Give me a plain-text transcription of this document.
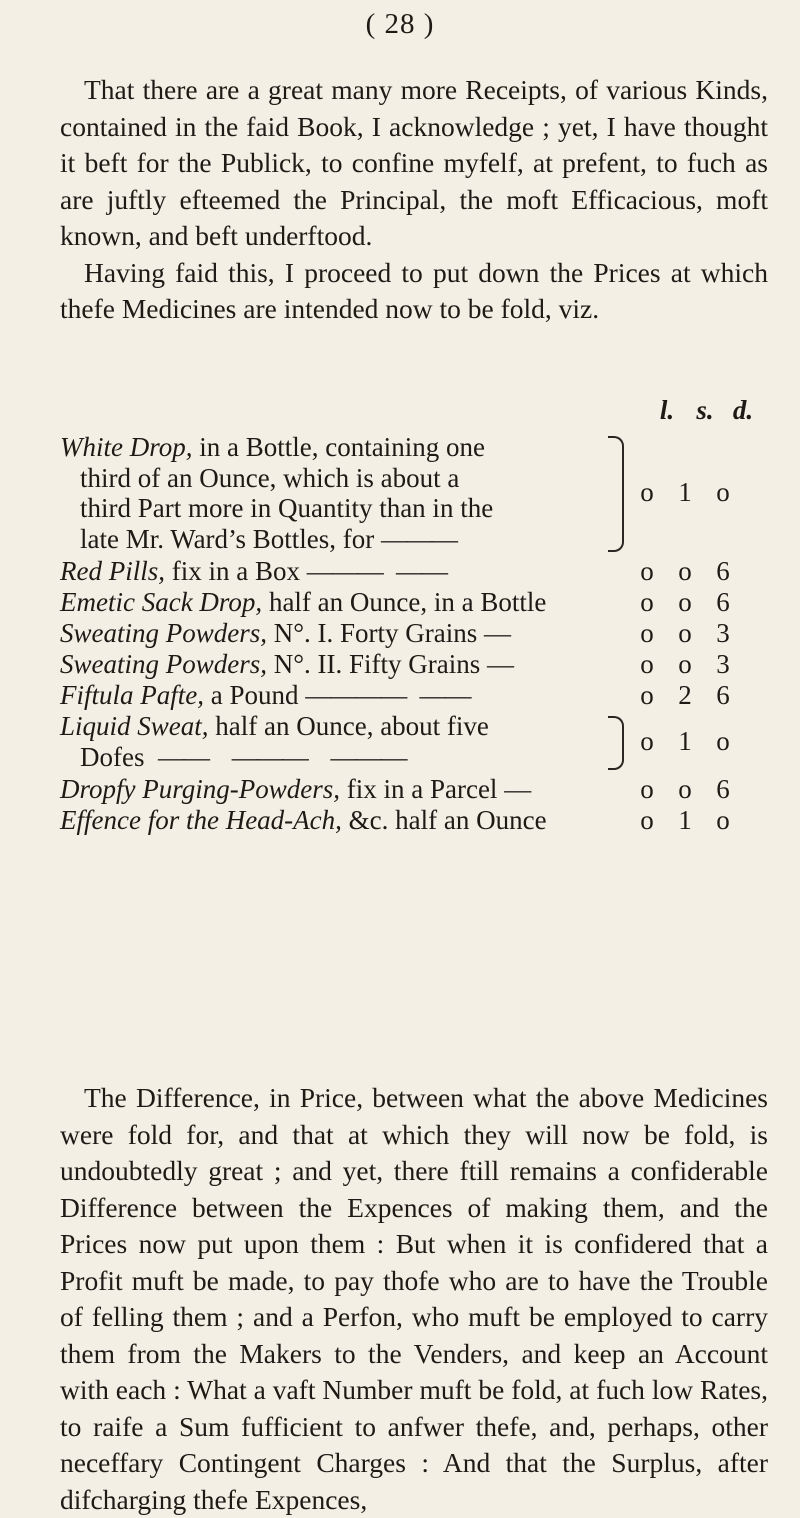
( 28 )

That there are a great many more Receipts, of various Kinds, contained in the faid Book, I acknowledge ; yet, I have thought it beft for the Publick, to confine myfelf, at prefent, to fuch as are juftly efteemed the Principal, the moft Efficacious, moft known, and beft underftood.

Having faid this, I proceed to put down the Prices at which thefe Medicines are intended now to be fold, viz.

l. s. d.
White Drop, in a Bottle, containing one
third of an Ounce, which is about a
third Part more in Quantity than in the
late Mr. Ward’s Bottles, for ———
o 1 o
Red Pills, fix in a Box ———   ——	o o 6
Emetic Sack Drop, half an Ounce, in a Bottle	o o 6
Sweating Powders, N°. I. Forty Grains —	o o 3
Sweating Powders, N°. II. Fifty Grains —	o o 3
Fiftula Pafte, a Pound ————   ——	o 2 6
Liquid Sweat, half an Ounce, about five
Dofes ——     ———     ———
o 1 o
Dropfy Purging-Powders, fix in a Parcel —	o o 6
Effence for the Head-Ach, &c. half an Ounce	o 1 o

The Difference, in Price, between what the above Medicines were fold for, and that at which they will now be fold, is undoubtedly great ; and yet, there ftill remains a confiderable Difference between the Expences of making them, and the Prices now put upon them : But when it is confidered that a Profit muft be made, to pay thofe who are to have the Trouble of felling them ; and a Perfon, who muft be employed to carry them from the Makers to the Venders, and keep an Account with each : What a vaft Number muft be fold, at fuch low Rates, to raife a Sum fufficient to anfwer thefe, and, perhaps, other neceffary Contingent Charges : And that the Surplus, after difcharging thefe Expences,
